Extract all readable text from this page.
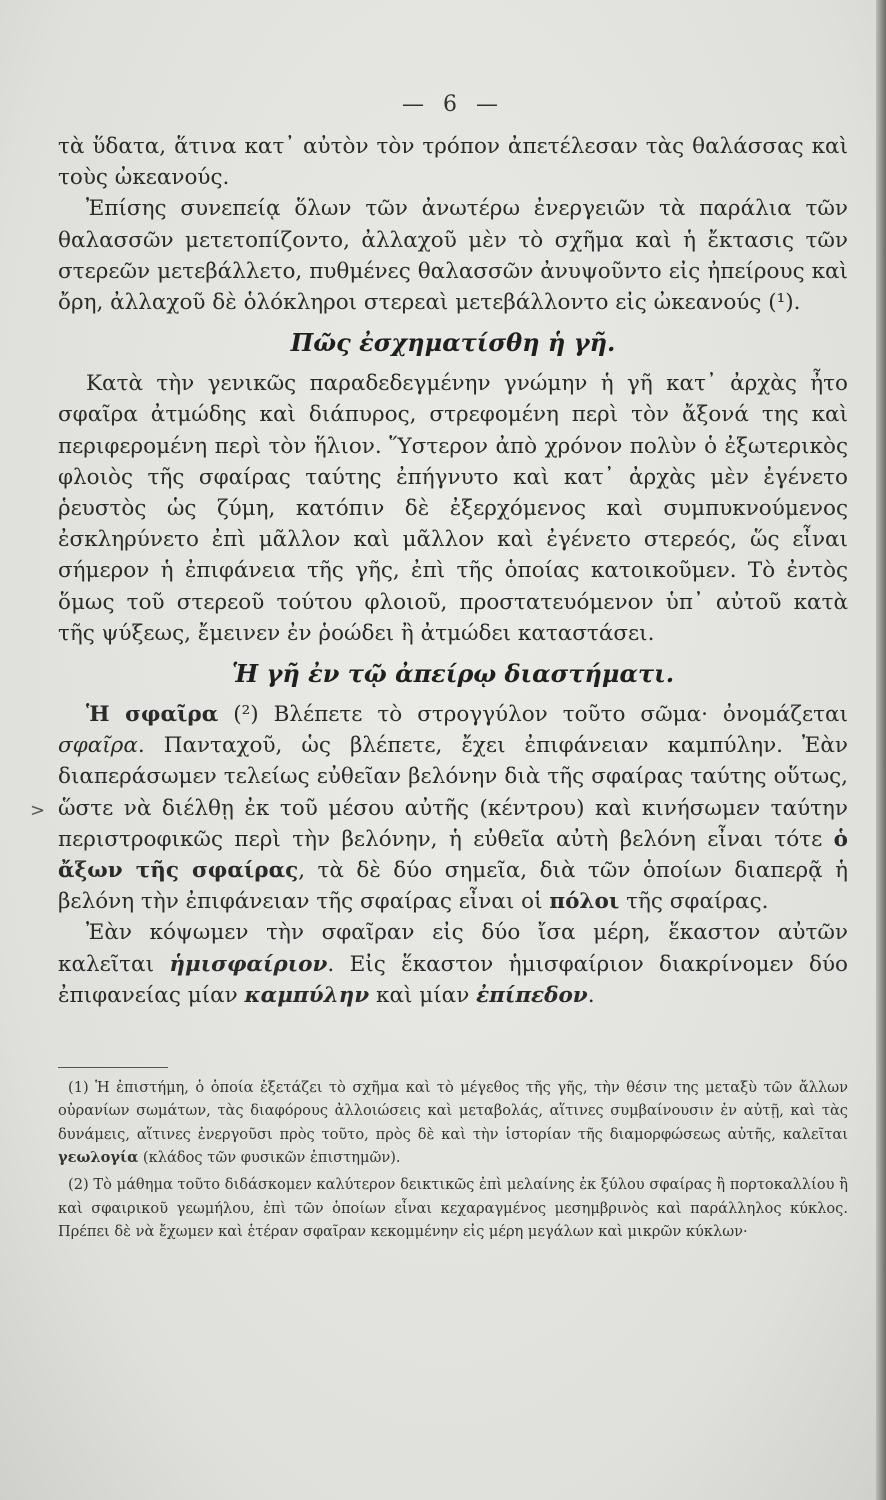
>
— 6 —

τὰ ὕδατα, ἅτινα κατ᾽ αὐτὸν τὸν τρόπον ἀπετέλεσαν τὰς θαλάσσας καὶ τοὺς ὠκεανούς.

Ἐπίσης συνεπείᾳ ὅλων τῶν ἀνωτέρω ἐνεργειῶν τὰ παράλια τῶν θαλασσῶν μετετοπίζοντο, ἀλλαχοῦ μὲν τὸ σχῆμα καὶ ἡ ἔκτασις τῶν στερεῶν μετεβάλλετο, πυθμένες θαλασσῶν ἀνυψοῦντο εἰς ἠπείρους καὶ ὄρη, ἀλλαχοῦ δὲ ὁλόκληροι στερεαὶ μετεβάλλοντο εἰς ὠκεανούς (¹).

Πῶς ἐσχηματίσθη ἡ γῆ.

Κατὰ τὴν γενικῶς παραδεδεγμένην γνώμην ἡ γῆ κατ᾽ ἀρχὰς ἦτο σφαῖρα ἀτμώδης καὶ διάπυρος, στρεφομένη περὶ τὸν ἄξονά της καὶ περιφερομένη περὶ τὸν ἥλιον. Ὕστερον ἀπὸ χρόνον πολὺν ὁ ἐξωτερικὸς φλοιὸς τῆς σφαίρας ταύτης ἐπήγνυτο καὶ κατ᾽ ἀρχὰς μὲν ἐγένετο ῥευστὸς ὡς ζύμη, κατόπιν δὲ ἐξερχόμενος καὶ συμπυκνούμενος ἐσκληρύνετο ἐπὶ μᾶλλον καὶ μᾶλλον καὶ ἐγένετο στερεός, ὥς εἶναι σήμερον ἡ ἐπιφάνεια τῆς γῆς, ἐπὶ τῆς ὁποίας κατοικοῦμεν. Τὸ ἐντὸς ὅμως τοῦ στερεοῦ τούτου φλοιοῦ, προστατευόμενον ὑπ᾽ αὐτοῦ κατὰ τῆς ψύξεως, ἔμεινεν ἐν ῥοώδει ἢ ἀτμώδει καταστάσει.

Ἡ γῆ ἐν τῷ ἀπείρῳ διαστήματι.

Ἡ σφαῖρα (²) Βλέπετε τὸ στρογγύλον τοῦτο σῶμα· ὀνομάζεται σφαῖρα. Πανταχοῦ, ὡς βλέπετε, ἔχει ἐπιφάνειαν καμπύλην. Ἐὰν διαπεράσωμεν τελείως εὐθεῖαν βελόνην διὰ τῆς σφαίρας ταύτης οὕτως, ὥστε νὰ διέλθῃ ἐκ τοῦ μέσου αὐτῆς (κέντρου) καὶ κινήσωμεν ταύτην περιστροφικῶς περὶ τὴν βελόνην, ἡ εὐθεῖα αὐτὴ βελόνη εἶναι τότε ὁ ἄξων τῆς σφαίρας, τὰ δὲ δύο σημεῖα, διὰ τῶν ὁποίων διαπερᾷ ἡ βελόνη τὴν ἐπιφάνειαν τῆς σφαίρας εἶναι οἱ πόλοι τῆς σφαίρας.

Ἐὰν κόψωμεν τὴν σφαῖραν εἰς δύο ἴσα μέρη, ἕκαστον αὐτῶν καλεῖται ἡμισφαίριον. Εἰς ἕκαστον ἡμισφαίριον διακρίνομεν δύο ἐπιφανείας μίαν καμπύλην καὶ μίαν ἐπίπεδον.

(1) Ἡ ἐπιστήμη, ὁ ὁποία ἐξετάζει τὸ σχῆμα καὶ τὸ μέγεθος τῆς γῆς, τὴν θέσιν της μεταξὺ τῶν ἄλλων οὐρανίων σωμάτων, τὰς διαφόρους ἀλλοιώσεις καὶ μεταβολάς, αἵτινες συμβαίνουσιν ἐν αὐτῇ, καὶ τὰς δυνάμεις, αἵτινες ἐνεργοῦσι πρὸς τοῦτο, πρὸς δὲ καὶ τὴν ἱστορίαν τῆς διαμορφώσεως αὐτῆς, καλεῖται γεωλογία (κλάδος τῶν φυσικῶν ἐπιστημῶν).

(2) Τὸ μάθημα τοῦτο διδάσκομεν καλύτερον δεικτικῶς ἐπὶ μελαίνης ἐκ ξύλου σφαίρας ἢ πορτοκαλλίου ἢ καὶ σφαιρικοῦ γεωμήλου, ἐπὶ τῶν ὁποίων εἶναι κεχαραγμένος μεσημβρινὸς καὶ παράλληλος κύκλος. Πρέπει δὲ νὰ ἔχωμεν καὶ ἑτέραν σφαῖραν κεκομμένην εἰς μέρη μεγάλων καὶ μικρῶν κύκλων·
